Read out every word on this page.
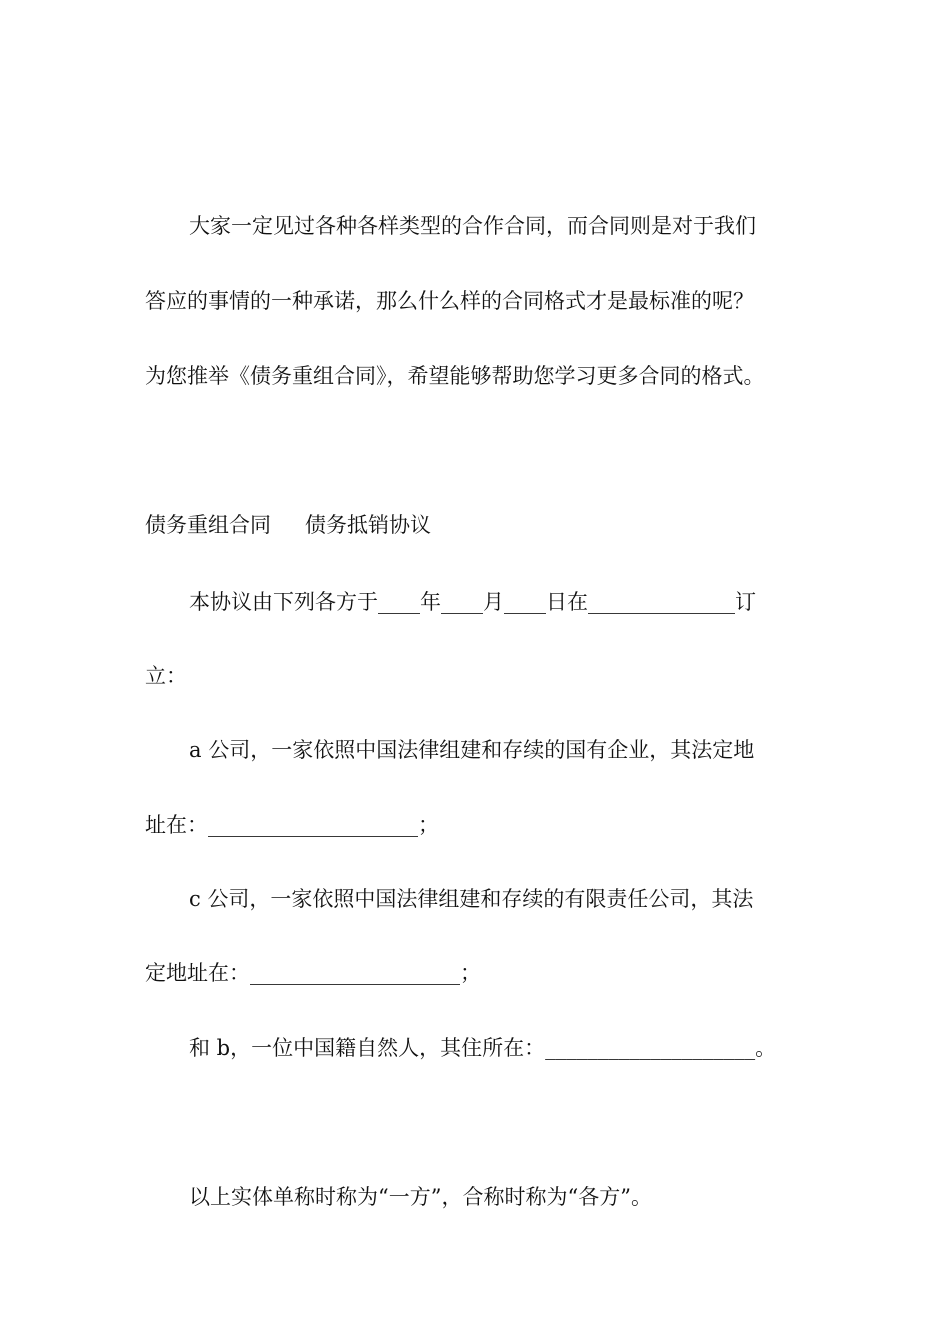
大家一定见过各种各样类型的合作合同，而合同则是对于我们
答应的事情的一种承诺，那么什么样的合同格式才是最标准的呢？
为您推举《债务重组合同》，希望能够帮助您学习更多合同的格式。
债务重组合同 债务抵销协议
本协议由下列各方于____年____月____日在______________订
立：
a 公司，一家依照中国法律组建和存续的国有企业，其法定地
址在：____________________；
c 公司，一家依照中国法律组建和存续的有限责任公司，其法
定地址在：____________________；
和 b，一位中国籍自然人，其住所在：____________________。
以上实体单称时称为“一方”，合称时称为“各方”。
